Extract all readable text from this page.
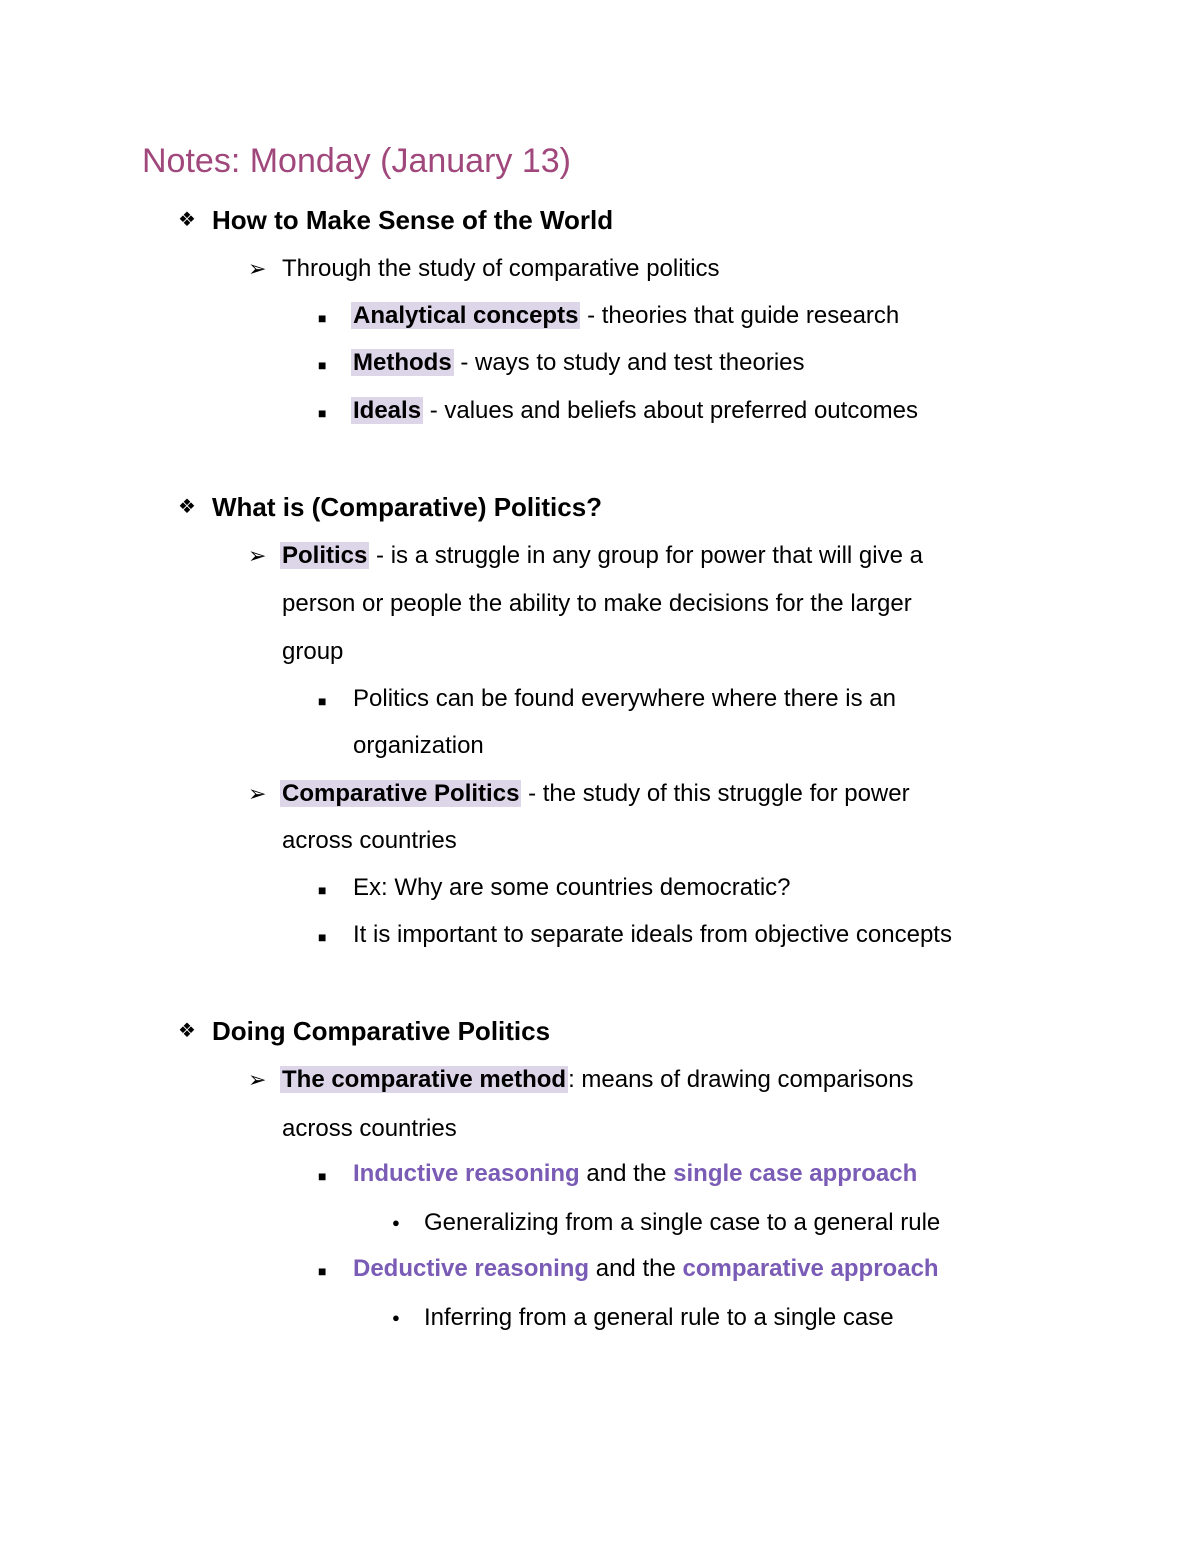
Notes: Monday (January 13)
❖ How to Make Sense of the World
➢ Through the study of comparative politics
■ Analytical concepts - theories that guide research
■ Methods - ways to study and test theories
■ Ideals - values and beliefs about preferred outcomes
❖ What is (Comparative) Politics?
➢ Politics - is a struggle in any group for power that will give a
person or people the ability to make decisions for the larger
group
■ Politics can be found everywhere where there is an
organization
➢ Comparative Politics - the study of this struggle for power
across countries
■ Ex: Why are some countries democratic?
■ It is important to separate ideals from objective concepts
❖ Doing Comparative Politics
➢ The comparative method: means of drawing comparisons
across countries
■ Inductive reasoning and the single case approach
● Generalizing from a single case to a general rule
■ Deductive reasoning and the comparative approach
● Inferring from a general rule to a single case
